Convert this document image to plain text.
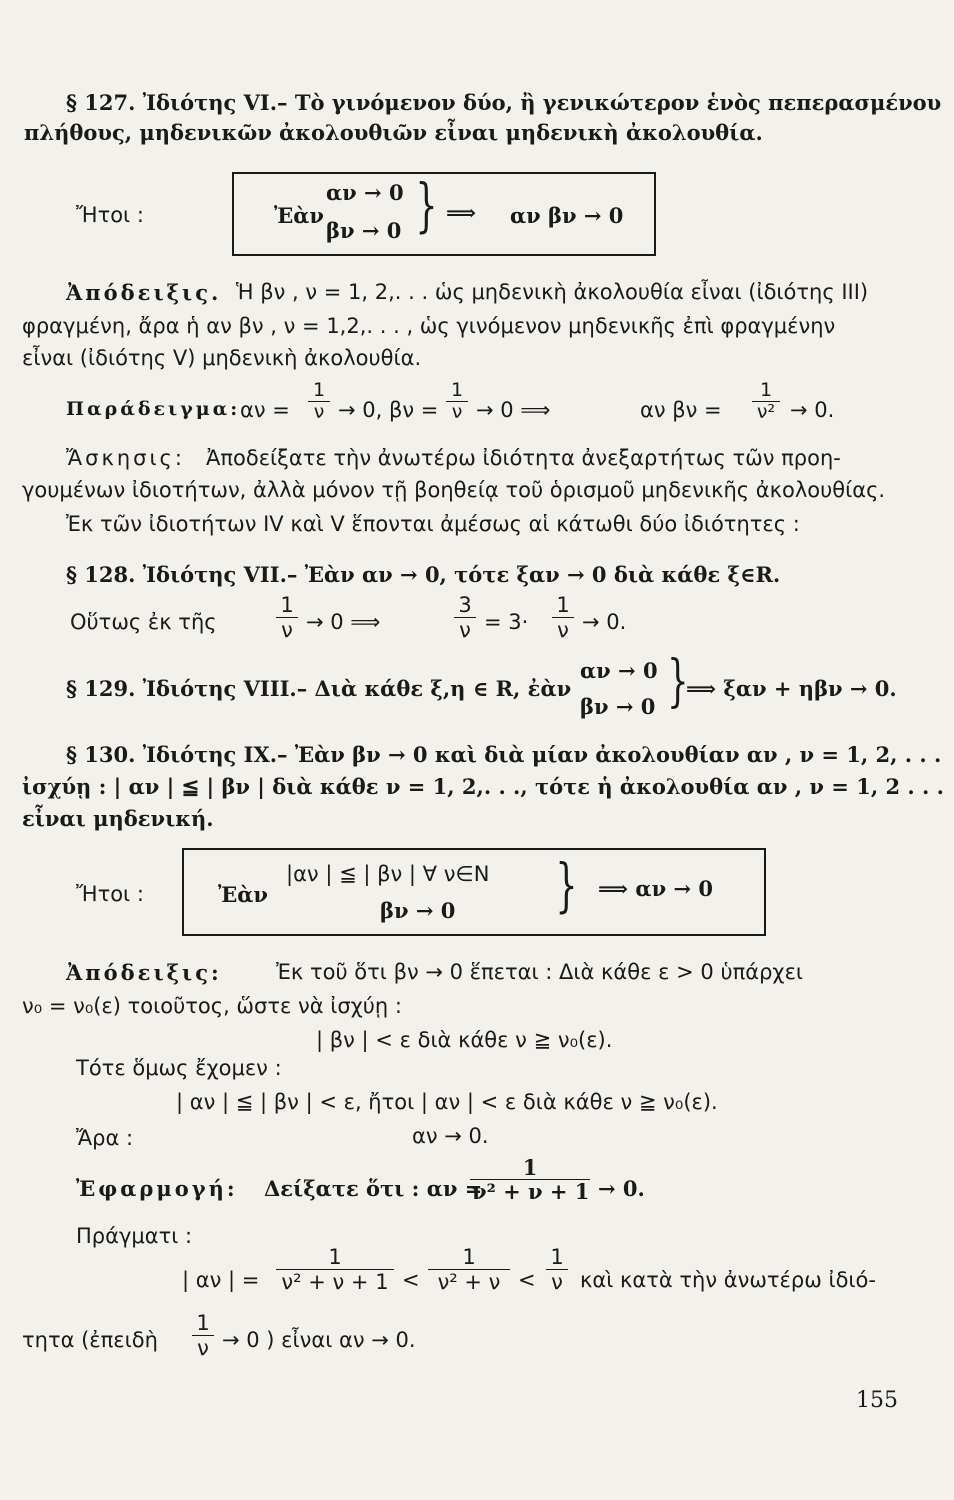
§ 127. Ἰδιότης VI.– Τὸ γινόμενον δύο, ἢ γενικώτερον ἑνὸς πεπερασμένου
πλήθους, μηδενικῶν ἀκολουθιῶν εἶναι μηδενικὴ ἀκολουθία.
Ἤτοι :	Ἐὰν
αν → 0
βν → 0 } ⟹ αν βν → 0
Ἀπόδειξις. Ἡ βν , ν = 1, 2,. . . ὡς μηδενικὴ ἀκολουθία εἶναι (ἰδιότης III)
φραγμένη, ἄρα ἡ αν βν , ν = 1,2,. . . , ὡς γινόμενον μηδενικῆς ἐπὶ φραγμένην
εἶναι (ἰδιότης V) μηδενικὴ ἀκολουθία.
Παράδειγμα: $\alpha\nu = \frac{1}{\nu} \to 0$, $\beta\nu = \frac{1}{\nu} \to 0$ ⟹	αν $\beta\nu = \frac{1}{\text{ν²}} \to 0$.
Ἄσκησις: Ἀποδείξατε τὴν ἀνωτέρω ἰδιότητα ἀνεξαρτήτως τῶν προη-
γουμένων ἰδιοτήτων, ἀλλὰ μόνον τῇ βοηθείᾳ τοῦ ὁρισμοῦ μηδενικῆς ἀκολουθίας.
Ἐκ τῶν ἰδιοτήτων IV καὶ V ἕπονται ἀμέσως αἱ κάτωθι δύο ἰδιότητες :
§ 128. Ἰδιότης VII.– Ἐὰν αν → 0, τότε ξαν → 0 διὰ κάθε ξ∈R.
Οὕτως ἐκ τῆς	$\frac{1}{\nu} \to 0$ ⟹	$\frac{3}{\nu} = 3\cdot \frac{1}{\nu} \to 0$.
§ 129. Ἰδιότης VIII.– Διὰ κάθε ξ,η ∈ R, ἐὰν
αν → 0
βν → 0 }
⟹ ξαν + ηβν → 0.
§ 130. Ἰδιότης IX.– Ἐὰν βν → 0 καὶ διὰ μίαν ἀκολουθίαν αν , ν = 1, 2, . . .
ἰσχύῃ : | αν | ≦ | βν | διὰ κάθε ν = 1, 2,. . ., τότε ἡ ἀκολουθία αν , ν = 1, 2 . . .
εἶναι μηδενική.
Ἤτοι :	Ἐὰν
|αν | ≦ | βν | ∀ ν∈N
βν → 0 } ⟹ αν → 0
Ἀπόδειξις:	Ἐκ τοῦ ὅτι βν → 0 ἕπεται : Διὰ κάθε ε > 0 ὑπάρχει
ν₀ = ν₀(ε) τοιοῦτος, ὥστε νὰ ἰσχύῃ :
| βν | < ε διὰ κάθε ν ≧ ν₀(ε).
Τότε ὅμως ἔχομεν :
| αν | ≦ | βν | < ε, ἤτοι | αν | < ε διὰ κάθε ν ≧ ν₀(ε).
Ἄρα :	αν → 0.
Ἐφαρμογή: Δείξατε ὅτι : αν =
$\frac{1}{\text{ν² + ν + 1}} \to 0$.
Πράγματι :
| αν | = $\frac{1}{\text{ν² + ν + 1}} < \frac{1}{\text{ν² + ν}} < \frac{1}{\nu}$ καὶ κατὰ τὴν ἀνωτέρω ἰδιό-
τητα (ἐπειδὴ $\frac{1}{\nu} \to 0$ ) εἶναι αν → 0.
155
